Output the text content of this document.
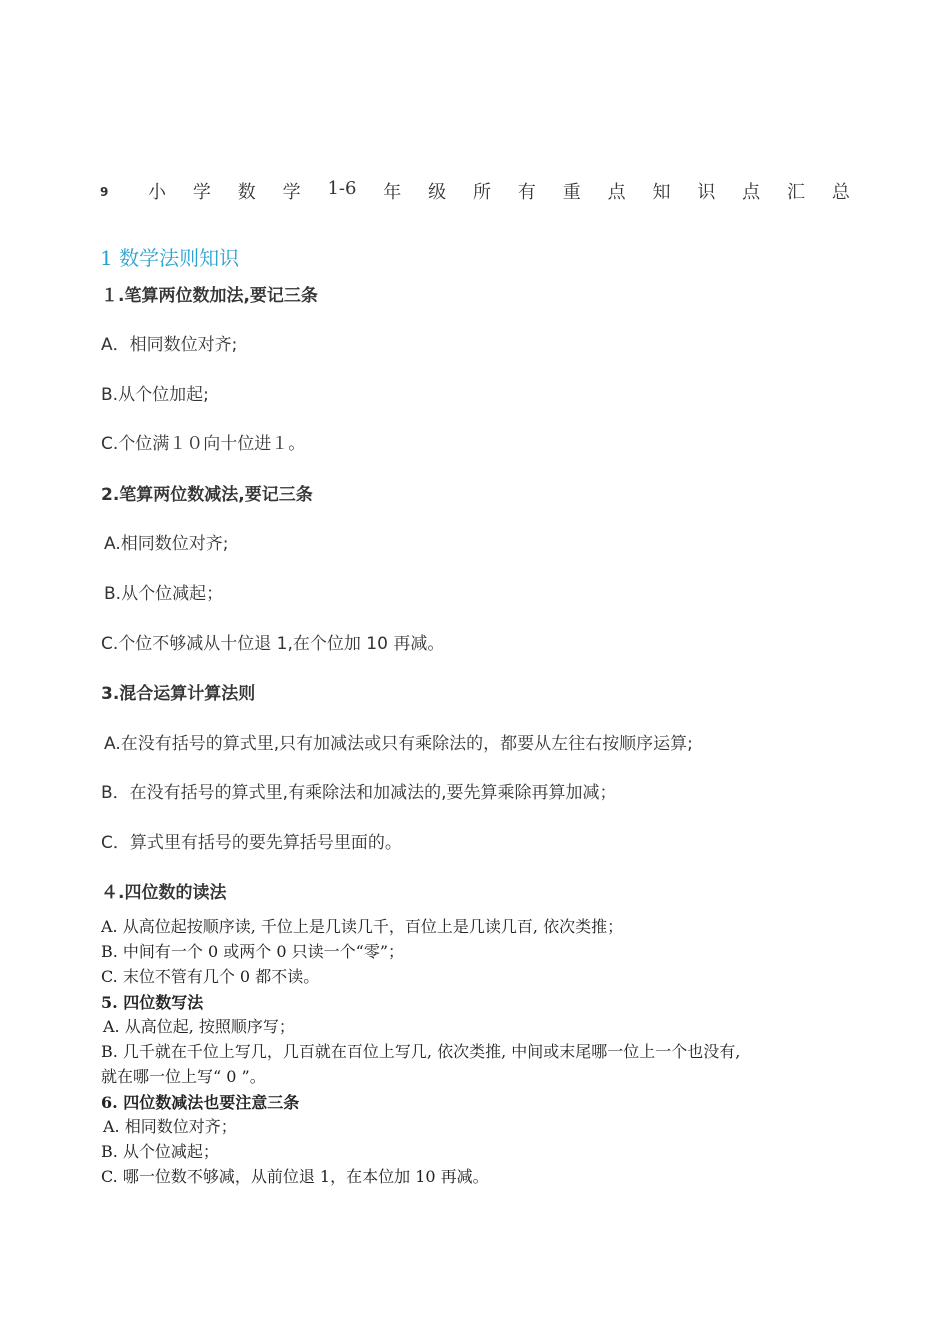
9 小 学 数 学 1-6 年 级 所 有 重 点 知 识 点 汇 总
1 数学法则知识
１.笔算两位数加法,要记三条
A．相同数位对齐;
B.从个位加起;
C.个位满１０向十位进１。
2.笔算两位数减法,要记三条
A.相同数位对齐;
B.从个位减起；
C.个位不够减从十位退 1,在个位加 10 再减。
3.混合运算计算法则
A.在没有括号的算式里,只有加减法或只有乘除法的，都要从左往右按顺序运算;
B．在没有括号的算式里,有乘除法和加减法的,要先算乘除再算加减；
C．算式里有括号的要先算括号里面的。
４.四位数的读法
A. 从高位起按顺序读, 千位上是几读几千，百位上是几读几百, 依次类推；
B. 中间有一个 0 或两个 0 只读一个“零”；
C. 末位不管有几个 0 都不读。
5. 四位数写法
A. 从高位起, 按照顺序写；
B. 几千就在千位上写几，几百就在百位上写几, 依次类推, 中间或末尾哪一位上一个也没有,
就在哪一位上写“ 0 ”。
6. 四位数减法也要注意三条
A. 相同数位对齐；
B. 从个位减起；
C. 哪一位数不够减，从前位退 1，在本位加 10 再减。
